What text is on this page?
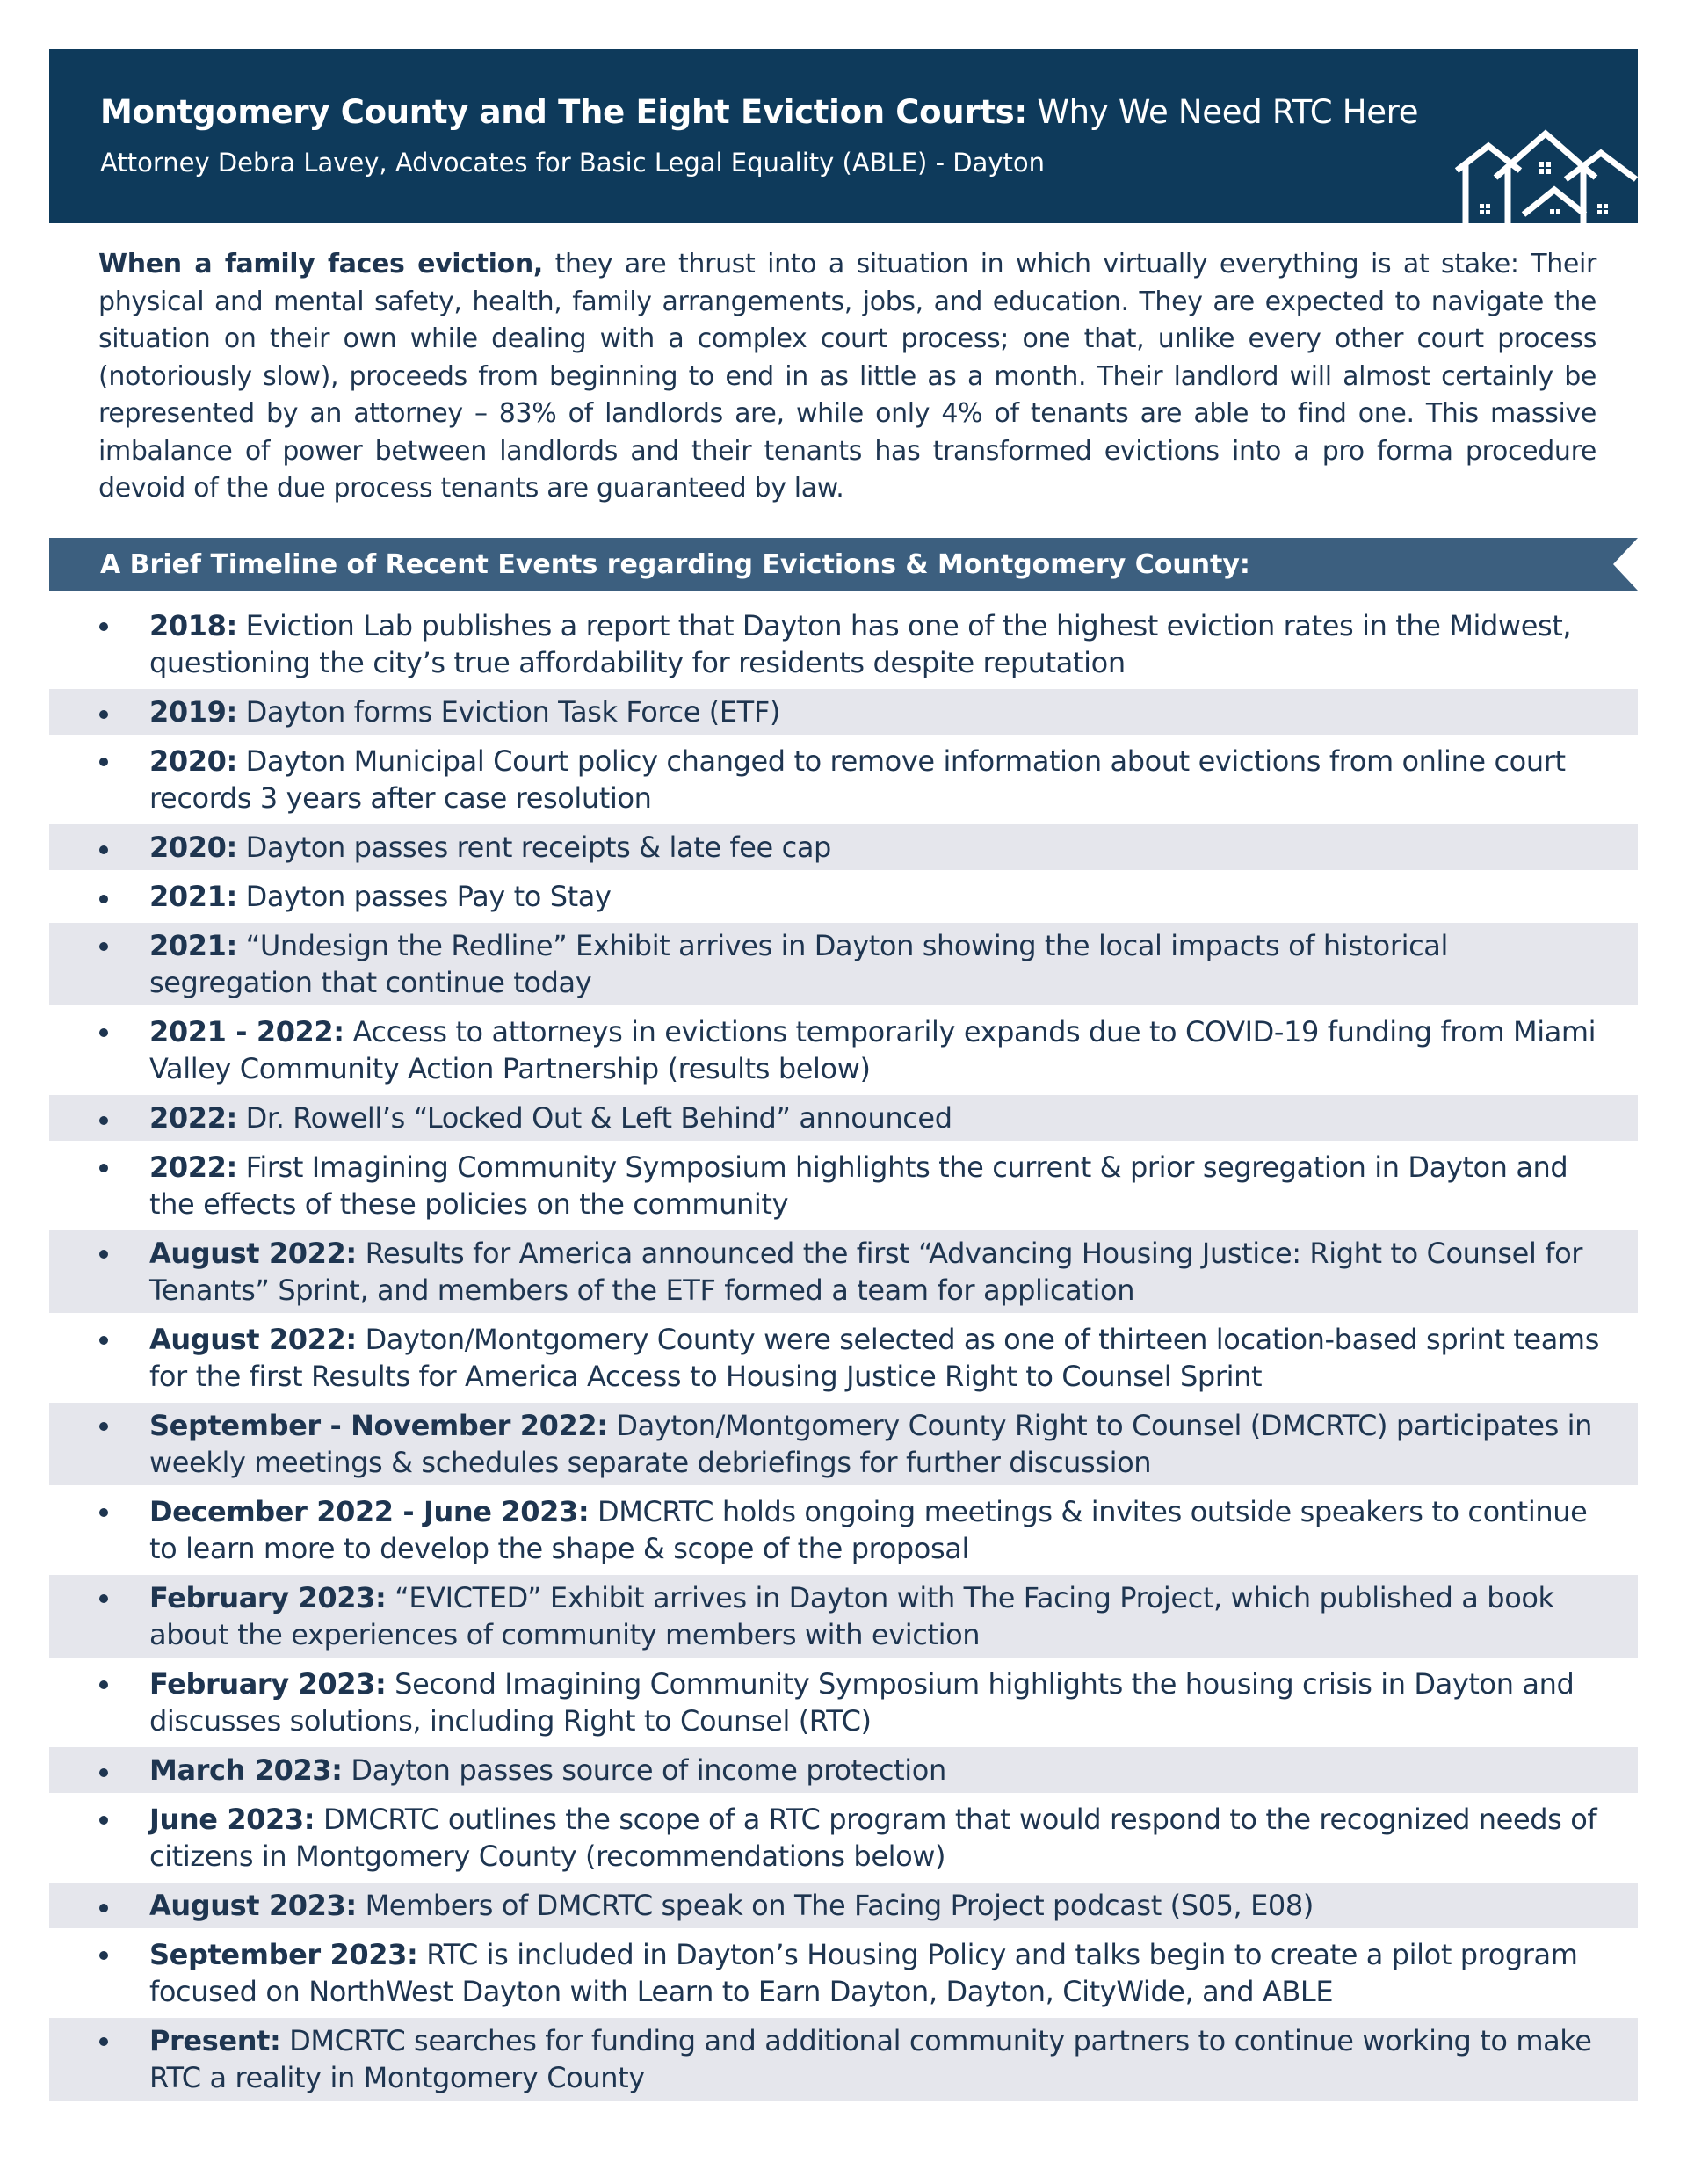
Montgomery County and The Eight Eviction Courts: Why We Need RTC Here
Attorney Debra Lavey, Advocates for Basic Legal Equality (ABLE) - Dayton
When a family faces eviction, they are thrust into a situation in which virtually everything is at stake: Their physical and mental safety, health, family arrangements, jobs, and education. They are expected to navigate the situation on their own while dealing with a complex court process; one that, unlike every other court process (notoriously slow), proceeds from beginning to end in as little as a month. Their landlord will almost certainly be represented by an attorney – 83% of landlords are, while only 4% of tenants are able to find one. This massive imbalance of power between landlords and their tenants has transformed evictions into a pro forma procedure devoid of the due process tenants are guaranteed by law.
A Brief Timeline of Recent Events regarding Evictions & Montgomery County:
2018: Eviction Lab publishes a report that Dayton has one of the highest eviction rates in the Midwest, questioning the city’s true affordability for residents despite reputation
2019: Dayton forms Eviction Task Force (ETF)
2020: Dayton Municipal Court policy changed to remove information about evictions from online court records 3 years after case resolution
2020: Dayton passes rent receipts & late fee cap
2021: Dayton passes Pay to Stay
2021: “Undesign the Redline” Exhibit arrives in Dayton showing the local impacts of historical segregation that continue today
2021 - 2022: Access to attorneys in evictions temporarily expands due to COVID-19 funding from Miami Valley Community Action Partnership (results below)
2022: Dr. Rowell’s “Locked Out & Left Behind” announced
2022: First Imagining Community Symposium highlights the current & prior segregation in Dayton and the effects of these policies on the community
August 2022: Results for America announced the first “Advancing Housing Justice: Right to Counsel for Tenants” Sprint, and members of the ETF formed a team for application
August 2022: Dayton/Montgomery County were selected as one of thirteen location-based sprint teams for the first Results for America Access to Housing Justice Right to Counsel Sprint
September - November 2022: Dayton/Montgomery County Right to Counsel (DMCRTC) participates in weekly meetings & schedules separate debriefings for further discussion
December 2022 - June 2023: DMCRTC holds ongoing meetings & invites outside speakers to continue to learn more to develop the shape & scope of the proposal
February 2023: “EVICTED” Exhibit arrives in Dayton with The Facing Project, which published a book about the experiences of community members with eviction
February 2023: Second Imagining Community Symposium highlights the housing crisis in Dayton and discusses solutions, including Right to Counsel (RTC)
March 2023: Dayton passes source of income protection
June 2023: DMCRTC outlines the scope of a RTC program that would respond to the recognized needs of citizens in Montgomery County (recommendations below)
August 2023: Members of DMCRTC speak on The Facing Project podcast (S05, E08)
September 2023: RTC is included in Dayton’s Housing Policy and talks begin to create a pilot program focused on NorthWest Dayton with Learn to Earn Dayton, Dayton, CityWide, and ABLE
Present: DMCRTC searches for funding and additional community partners to continue working to make RTC a reality in Montgomery County
